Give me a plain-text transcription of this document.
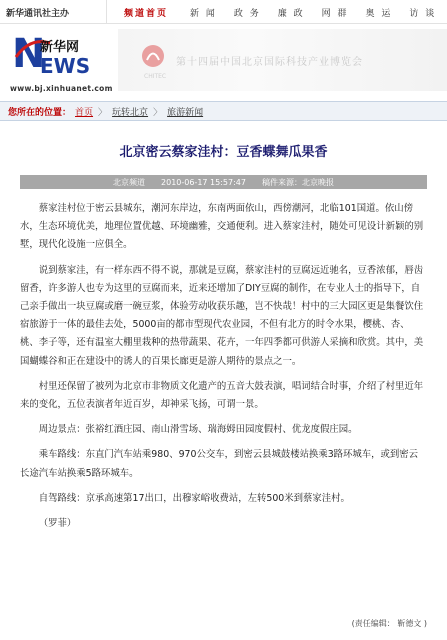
新华通讯社主办	频道首页 新 闻 政 务 廉 政 网 群 奥 运 访 谈
N
新华网
EWS
www.bj.xinhuanet.com
第十四届中国北京国际科技产业博览会
CHITEC
您所在的位置： 首页 〉 玩转北京 〉 旅游新闻
北京密云蔡家洼村：豆香蝶舞瓜果香
北京频道 2010-06-17 15:57:47 稿件来源：北京晚报

蔡家洼村位于密云县城东，潮河东岸边，东南两面依山，西傍潮河，北临101国道。依山傍水，生态环境优美，地理位置优越、环境幽雅，交通便利。进入蔡家洼村，随处可见设计新颖的别墅，现代化设施一应俱全。

说到蔡家洼，有一样东西不得不说，那就是豆腐，蔡家洼村的豆腐远近驰名，豆香浓郁，唇齿留香，许多游人也专为这里的豆腐而来，近来还增加了DIY豆腐的制作，在专业人士的指导下，自己亲手做出一块豆腐或磨一碗豆浆，体验劳动收获乐趣，岂不快哉！村中的三大园区更是集餐饮住宿旅游于一体的最佳去处，5000亩的都市型现代农业园，不但有北方的时令水果，樱桃、杏、桃、李子等，还有温室大棚里栽种的热带蔬果、花卉，一年四季都可供游人采摘和欣赏。其中，美国蝴蝶谷和正在建设中的诱人的百果长廊更是游人期待的景点之一。

村里还保留了被列为北京市非物质文化遗产的五音大鼓表演，唱词结合时事，介绍了村里近年来的变化，五位表演者年近百岁，却神采飞扬，可谓一景。

周边景点：张裕红酒庄园、南山滑雪场、瑞海姆田园度假村、优龙度假庄园。

乘车路线：东直门汽车站乘980、970公交车，到密云县城鼓楼站换乘3路环城车，或到密云长途汽车站换乘5路环城车。

自驾路线：京承高速第17出口，出穆家峪收费站，左转500米到蔡家洼村。

（罗菲）

(责任编辑： 靳德文 )
